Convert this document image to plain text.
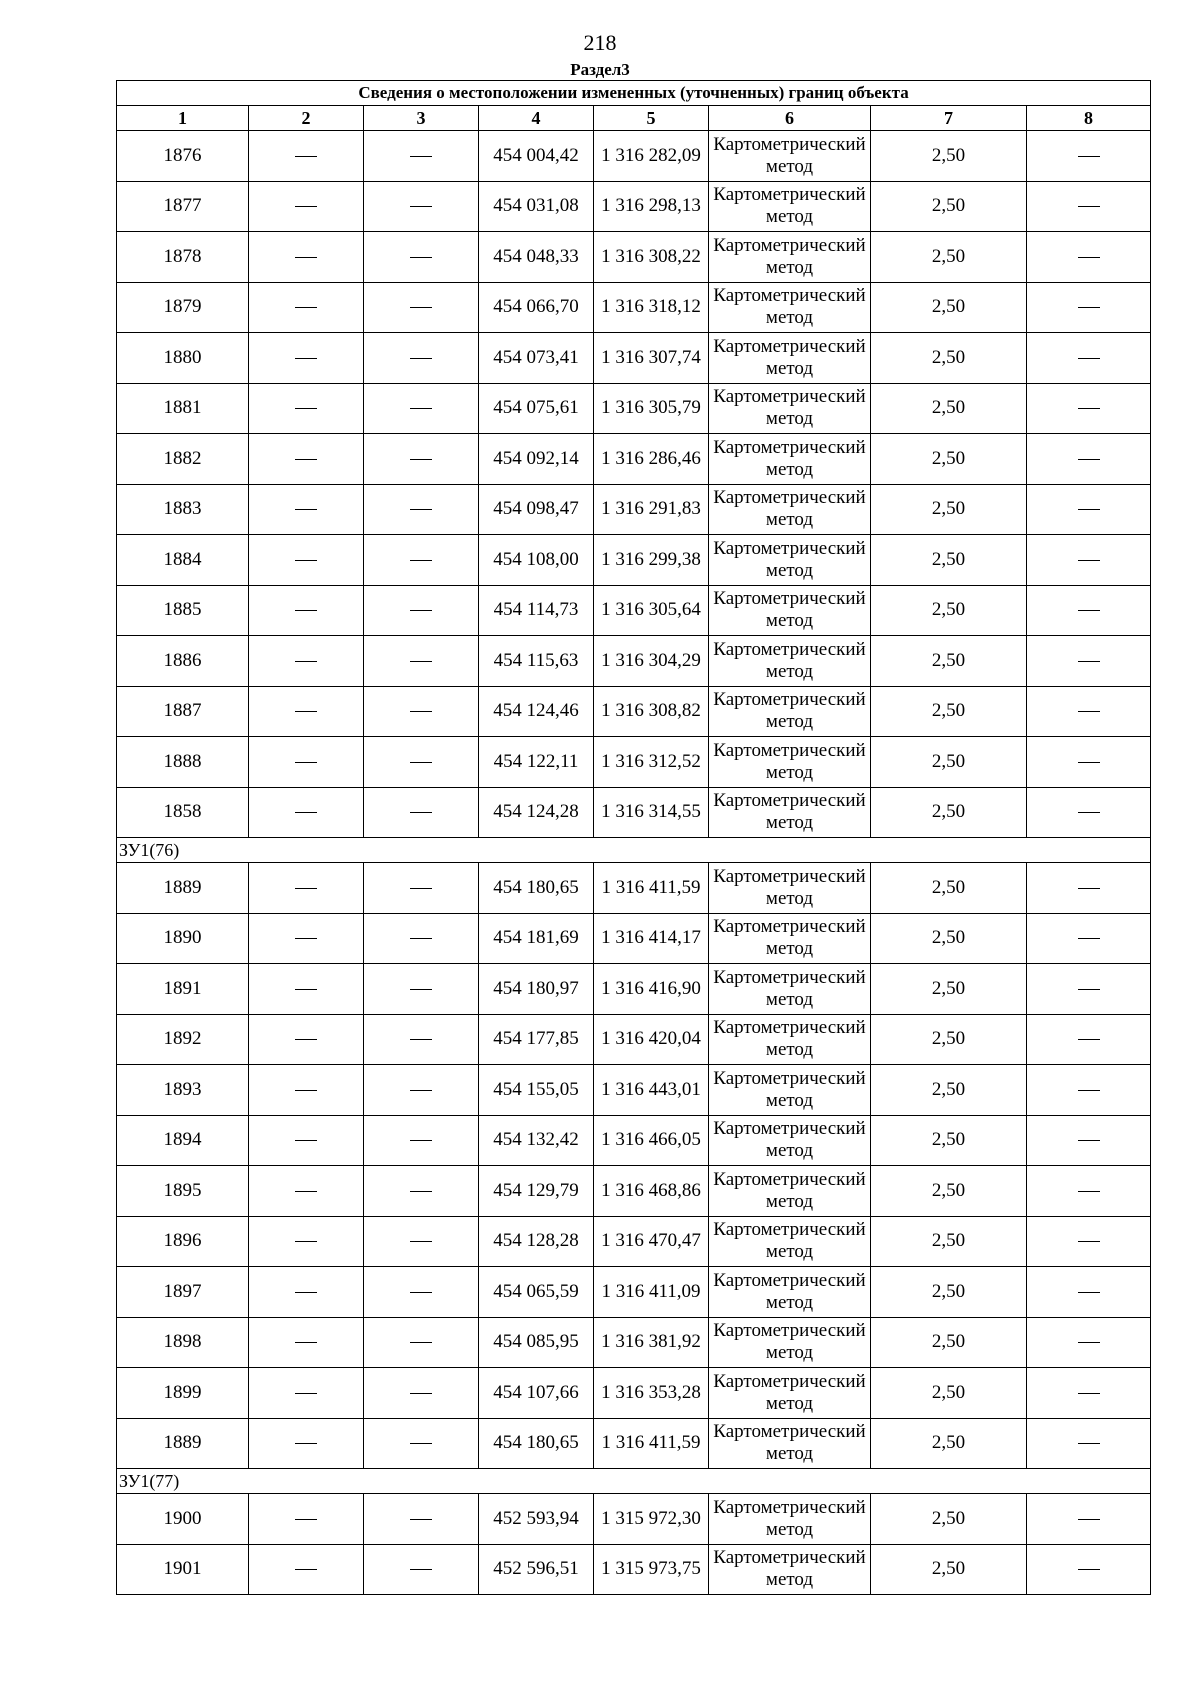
218
Раздел3
Сведения о местоположении измененных (уточненных) границ объекта							
1	2	3	4	5	6	7	8
1876			454 004,42	1 316 282,09	Картометрический метод	2,50	
1877			454 031,08	1 316 298,13	Картометрический метод	2,50	
1878			454 048,33	1 316 308,22	Картометрический метод	2,50	
1879			454 066,70	1 316 318,12	Картометрический метод	2,50	
1880			454 073,41	1 316 307,74	Картометрический метод	2,50	
1881			454 075,61	1 316 305,79	Картометрический метод	2,50	
1882			454 092,14	1 316 286,46	Картометрический метод	2,50	
1883			454 098,47	1 316 291,83	Картометрический метод	2,50	
1884			454 108,00	1 316 299,38	Картометрический метод	2,50	
1885			454 114,73	1 316 305,64	Картометрический метод	2,50	
1886			454 115,63	1 316 304,29	Картометрический метод	2,50	
1887			454 124,46	1 316 308,82	Картометрический метод	2,50	
1888			454 122,11	1 316 312,52	Картометрический метод	2,50	
1858			454 124,28	1 316 314,55	Картометрический метод	2,50	
ЗУ1(76)							
1889			454 180,65	1 316 411,59	Картометрический метод	2,50	
1890			454 181,69	1 316 414,17	Картометрический метод	2,50	
1891			454 180,97	1 316 416,90	Картометрический метод	2,50	
1892			454 177,85	1 316 420,04	Картометрический метод	2,50	
1893			454 155,05	1 316 443,01	Картометрический метод	2,50	
1894			454 132,42	1 316 466,05	Картометрический метод	2,50	
1895			454 129,79	1 316 468,86	Картометрический метод	2,50	
1896			454 128,28	1 316 470,47	Картометрический метод	2,50	
1897			454 065,59	1 316 411,09	Картометрический метод	2,50	
1898			454 085,95	1 316 381,92	Картометрический метод	2,50	
1899			454 107,66	1 316 353,28	Картометрический метод	2,50	
1889			454 180,65	1 316 411,59	Картометрический метод	2,50	
ЗУ1(77)							
1900			452 593,94	1 315 972,30	Картометрический метод	2,50	
1901			452 596,51	1 315 973,75	Картометрический метод	2,50	
